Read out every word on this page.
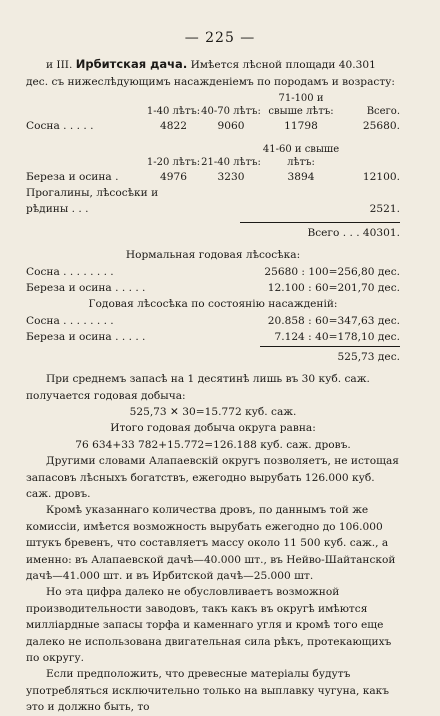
— 225 —

и III. Ирбитская дача. Имѣется лѣсной площади 40.301 дес. съ нижеслѣдующимъ насажденіемъ по породамъ и возрасту:

	1-40 лѣтъ:	40-70 лѣтъ:	71-100 и свыше лѣтъ:	Всего.
Сосна . . . . .	4822	9060	11798	25680.

	1-20 лѣтъ:	21-40 лѣтъ:	41-60 и свыше лѣтъ:	
Береза и осина .	4976	3230	3894	12100.
Прогалины, лѣсосѣки и				
рѣдины . . .				2521.
Всего . . . 40301.
Нормальная годовая лѣсосѣка:
Сосна . . . . . . . .	25680 : 100=256,80 дес.
Береза и осина . . . . .	12.100 : 60=201,70 дес.
Годовая лѣсосѣка по состоянію насажденій:
Сосна . . . . . . . .	20.858 : 60=347,63 дес.
Береза и осина . . . . .	7.124 : 40=178,10 дес.
525,73 дес.

При среднемъ запасѣ на 1 десятинѣ лишь въ 30 куб. саж. получается годовая добыча:

525,73 ✕ 30=15.772 куб. саж.
Итого годовая добыча округа равна:
76 634+33 782+15.772=126.188 куб. саж. дровъ.

Другими словами Алапаевскій округъ позволяетъ, не истощая запасовъ лѣсныхъ богатствъ, ежегодно вырубать 126.000 куб. саж. дровъ.

Кромѣ указаннаго количества дровъ, по даннымъ той же комиссіи, имѣется возможность вырубать ежегодно до 106.000 штукъ бревенъ, что составляетъ массу около 11 500 куб. саж., а именно: въ Алапаевской дачѣ—40.000 шт., въ Нейво-Шайтанской дачѣ—41.000 шт. и въ Ирбитской дачѣ—25.000 шт.

Но эта цифра далеко не обусловливаетъ возможной производительности заводовъ, такъ какъ въ округѣ имѣются милліардные запасы торфа и каменнаго угля и кромѣ того еще далеко не использована двигательная сила рѣкъ, протекающихъ по округу.

Если предположить, что древесные матеріалы будутъ употребляться исключительно только на выплавку чугуна, какъ это и должно быть, то
